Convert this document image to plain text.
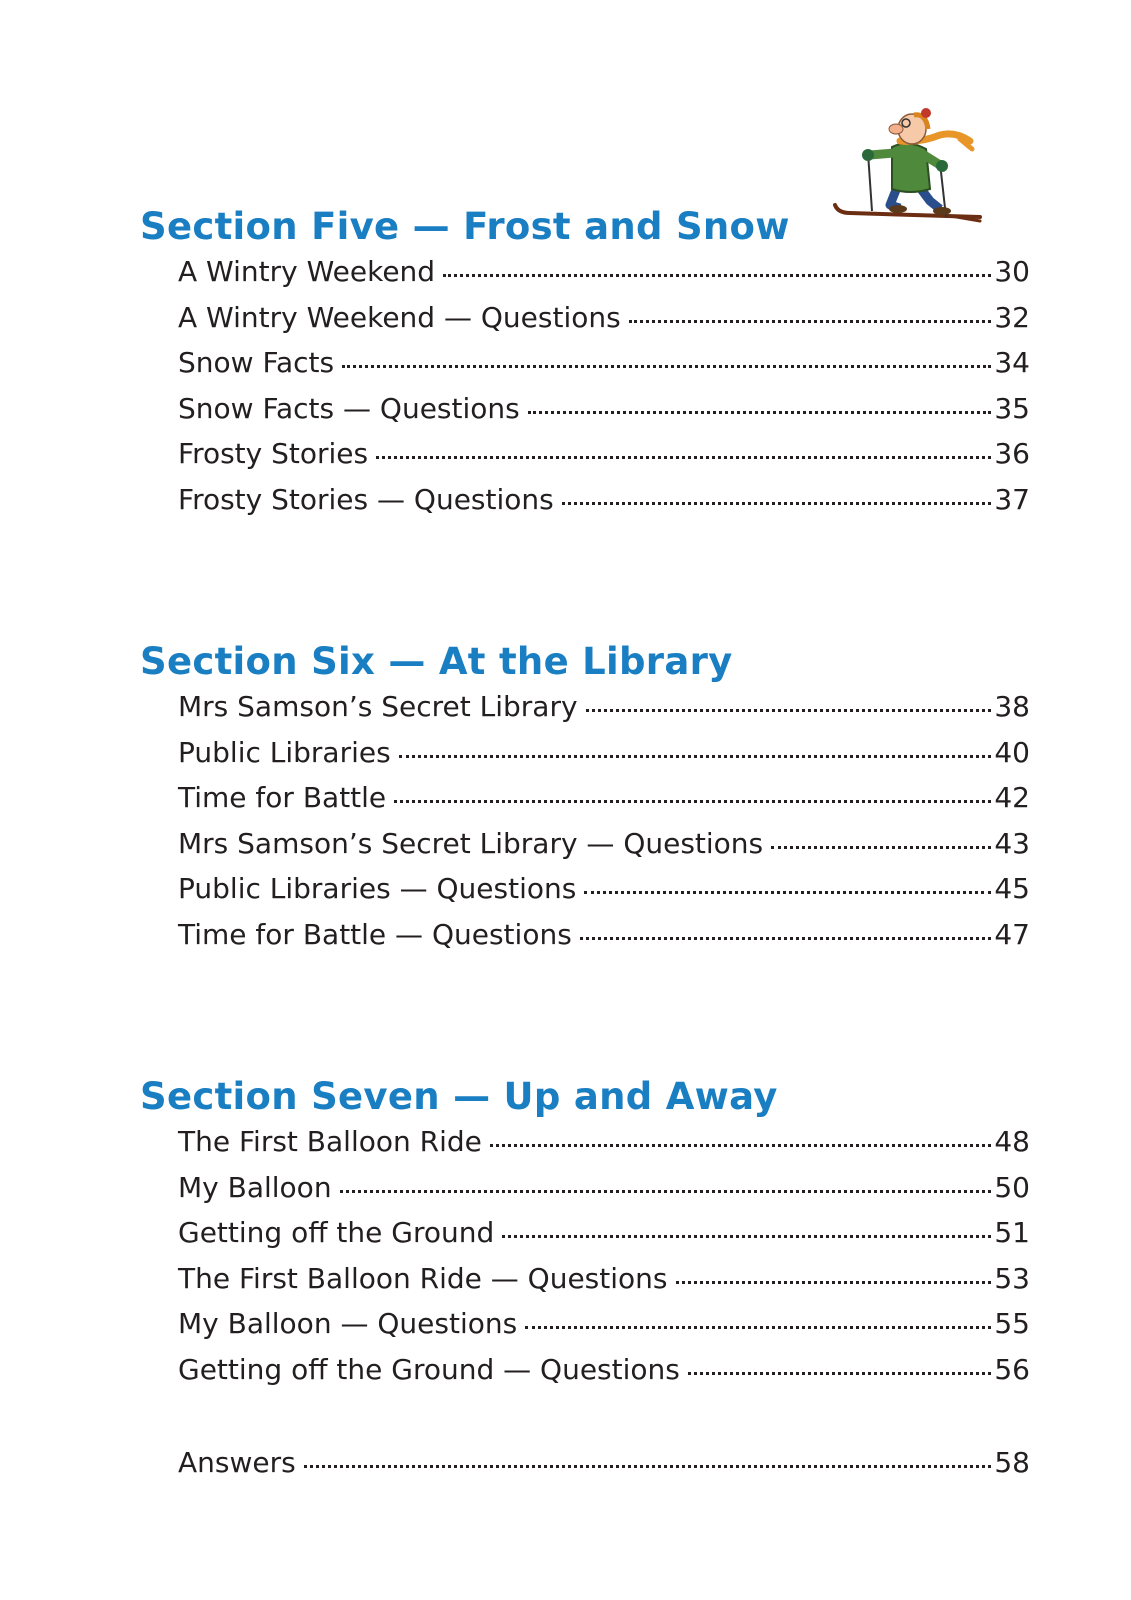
Section Five — Frost and Snow
A Wintry Weekend	30
A Wintry Weekend — Questions	32
Snow Facts	34
Snow Facts — Questions	35
Frosty Stories	36
Frosty Stories — Questions	37
Section Six — At the Library
Mrs Samson’s Secret Library	38
Public Libraries	40
Time for Battle	42
Mrs Samson’s Secret Library — Questions	43
Public Libraries — Questions	45
Time for Battle — Questions	47
Section Seven — Up and Away
The First Balloon Ride	48
My Balloon	50
Getting off the Ground	51
The First Balloon Ride — Questions	53
My Balloon — Questions	55
Getting off the Ground — Questions	56
Answers	58
